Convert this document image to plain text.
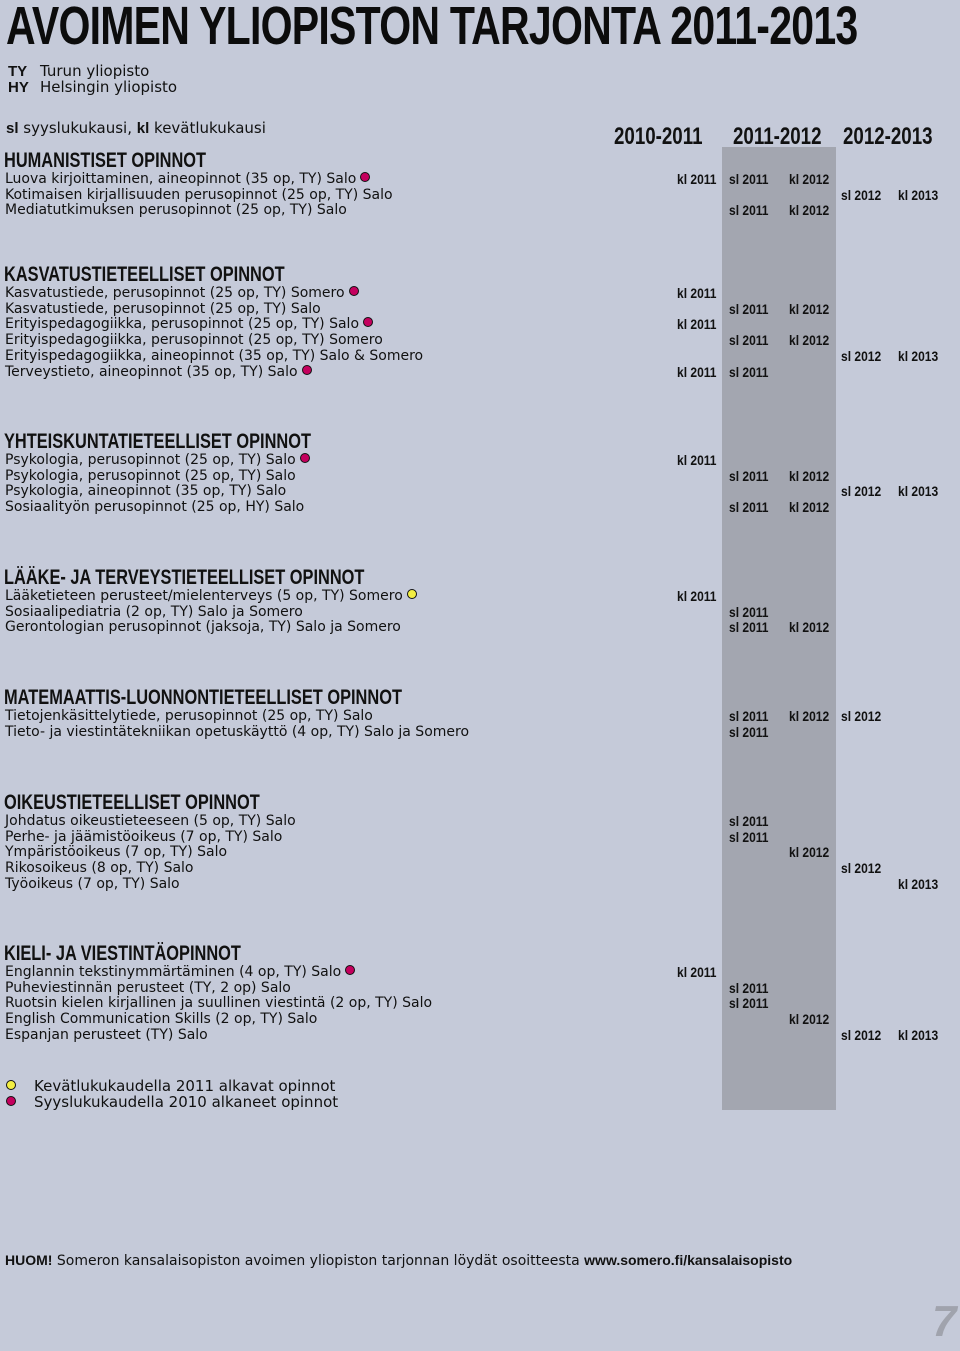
AVOIMEN YLIOPISTON TARJONTA 2011-2013
TY Turun yliopisto
HY Helsingin yliopisto
sl syyslukukausi, kl kevätlukukausi	2010-2011 2011-2012 2012-2013
HUMANISTISET OPINNOT
Luova kirjoittaminen, aineopinnot (35 op, TY) Salo	kl 2011 sl 2011 kl 2012
Kotimaisen kirjallisuuden perusopinnot (25 op, TY) Salo	sl 2012 kl 2013
Mediatutkimuksen perusopinnot (25 op, TY) Salo	sl 2011 kl 2012
KASVATUSTIETEELLISET OPINNOT
Kasvatustiede, perusopinnot (25 op, TY) Somero	kl 2011
Kasvatustiede, perusopinnot (25 op, TY) Salo	sl 2011 kl 2012
Erityispedagogiikka, perusopinnot (25 op, TY) Salo	kl 2011
Erityispedagogiikka, perusopinnot (25 op, TY) Somero	sl 2011 kl 2012
Erityispedagogiikka, aineopinnot (35 op, TY) Salo & Somero	sl 2012 kl 2013
Terveystieto, aineopinnot (35 op, TY) Salo	kl 2011 sl 2011
YHTEISKUNTATIETEELLISET OPINNOT
Psykologia, perusopinnot (25 op, TY) Salo	kl 2011
Psykologia, perusopinnot (25 op, TY) Salo	sl 2011 kl 2012
Psykologia, aineopinnot (35 op, TY) Salo	sl 2012 kl 2013
Sosiaalityön perusopinnot (25 op, HY) Salo	sl 2011 kl 2012
LÄÄKE- JA TERVEYSTIETEELLISET OPINNOT
Lääketieteen perusteet/mielenterveys (5 op, TY) Somero	kl 2011
Sosiaalipediatria (2 op, TY) Salo ja Somero	sl 2011
Gerontologian perusopinnot (jaksoja, TY) Salo ja Somero	sl 2011 kl 2012
MATEMAATTIS-LUONNONTIETEELLISET OPINNOT
Tietojenkäsittelytiede, perusopinnot (25 op, TY) Salo	sl 2011 kl 2012 sl 2012
Tieto- ja viestintätekniikan opetuskäyttö (4 op, TY) Salo ja Somero	sl 2011
OIKEUSTIETEELLISET OPINNOT
Johdatus oikeustieteeseen (5 op, TY) Salo	sl 2011
Perhe- ja jäämistöoikeus (7 op, TY) Salo	sl 2011
Ympäristöoikeus (7 op, TY) Salo	kl 2012
Rikosoikeus (8 op, TY) Salo	sl 2012
Työoikeus (7 op, TY) Salo	kl 2013
KIELI- JA VIESTINTÄOPINNOT
Englannin tekstinymmärtäminen (4 op, TY) Salo	kl 2011
Puheviestinnän perusteet (TY, 2 op) Salo	sl 2011
Ruotsin kielen kirjallinen ja suullinen viestintä (2 op, TY) Salo	sl 2011
English Communication Skills (2 op, TY) Salo	kl 2012
Espanjan perusteet (TY) Salo	sl 2012 kl 2013
Kevätlukukaudella 2011 alkavat opinnot
Syyslukukaudella 2010 alkaneet opinnot
HUOM! Someron kansalaisopiston avoimen yliopiston tarjonnan löydät osoitteesta www.somero.fi/kansalaisopisto
7
